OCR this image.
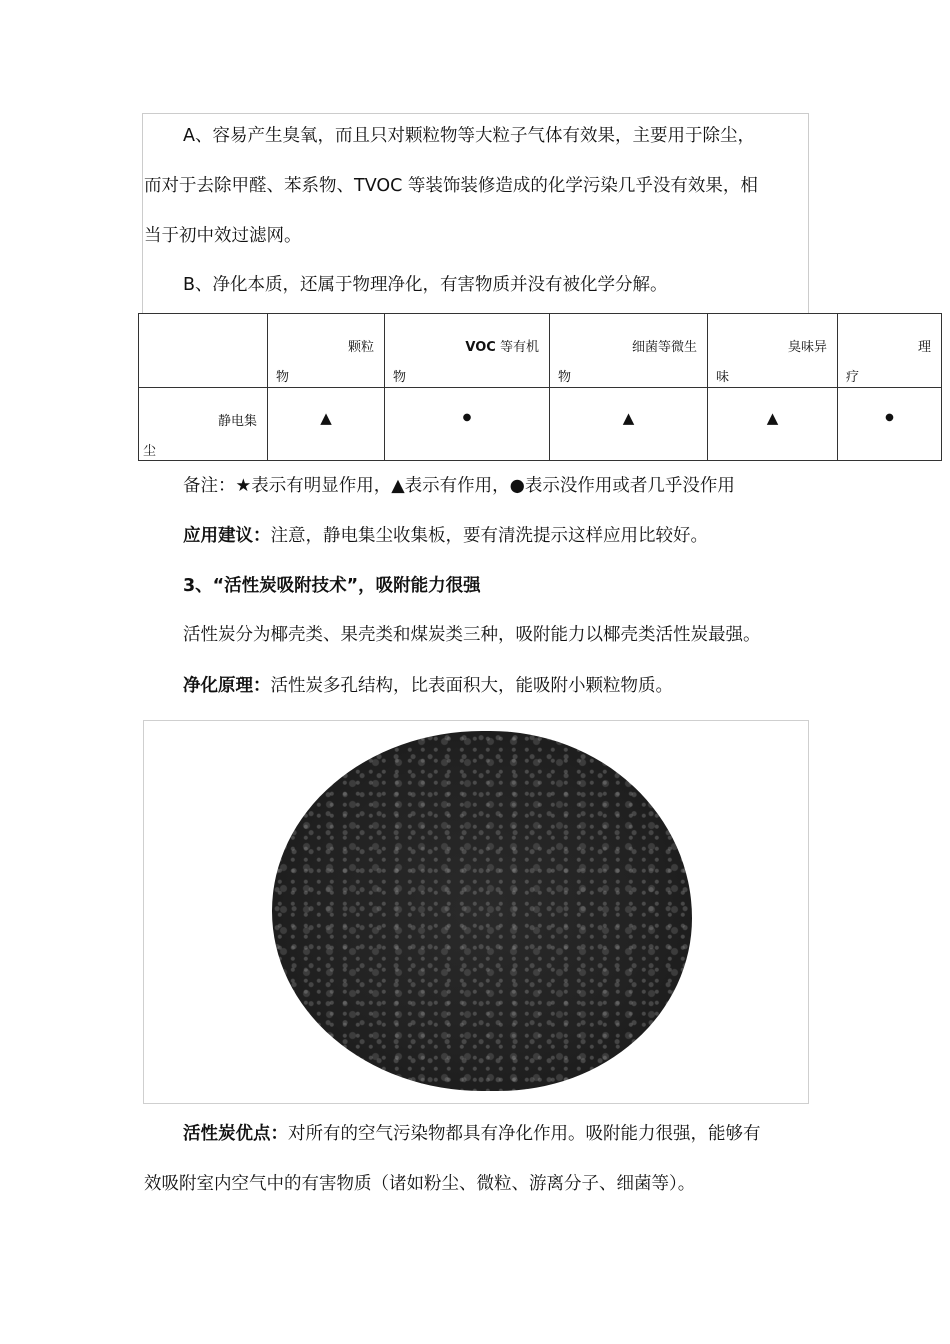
A、容易产生臭氧，而且只对颗粒物等大粒子气体有效果，主要用于除尘，
而对于去除甲醛、苯系物、TVOC 等装饰装修造成的化学污染几乎没有效果，相
当于初中效过滤网。
B、净化本质，还属于物理净化，有害物质并没有被化学分解。

	颗粒
物	VOC 等有机
物	细菌等微生
物	臭味异
味	理
疗

静电集
尘	▲	●	▲	▲	●
备注：★表示有明显作用，▲表示有作用，●表示没作用或者几乎没作用
应用建议：注意，静电集尘收集板，要有清洗提示这样应用比较好。
3、“活性炭吸附技术”，吸附能力很强
活性炭分为椰壳类、果壳类和煤炭类三种，吸附能力以椰壳类活性炭最强。
净化原理：活性炭多孔结构，比表面积大，能吸附小颗粒物质。
活性炭优点：对所有的空气污染物都具有净化作用。吸附能力很强，能够有
效吸附室内空气中的有害物质（诸如粉尘、微粒、游离分子、细菌等）。
